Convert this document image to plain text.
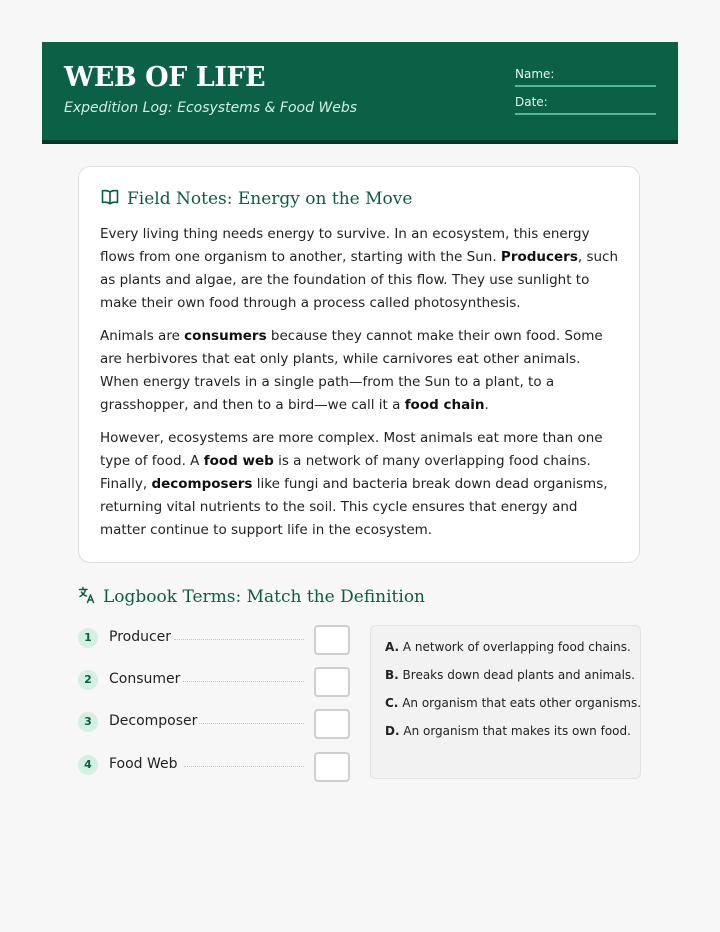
WEB OF LIFE
Expedition Log: Ecosystems & Food Webs
Name:
Date:
Field Notes: Energy on the Move

Every living thing needs energy to survive. In an ecosystem, this energy flows from one organism to another, starting with the Sun. Producers, such as plants and algae, are the foundation of this flow. They use sunlight to make their own food through a process called photosynthesis.

Animals are consumers because they cannot make their own food. Some are herbivores that eat only plants, while carnivores eat other animals. When energy travels in a single path—from the Sun to a plant, to a grasshopper, and then to a bird—we call it a food chain.

However, ecosystems are more complex. Most animals eat more than one type of food. A food web is a network of many overlapping food chains. Finally, decomposers like fungi and bacteria break down dead organisms, returning vital nutrients to the soil. This cycle ensures that energy and matter continue to support life in the ecosystem.

Logbook Terms: Match the Definition
1	Producer
2	Consumer
3	Decomposer
4	Food Web
A. A network of overlapping food chains.
B. Breaks down dead plants and animals.
C. An organism that eats other organisms.
D. An organism that makes its own food.
